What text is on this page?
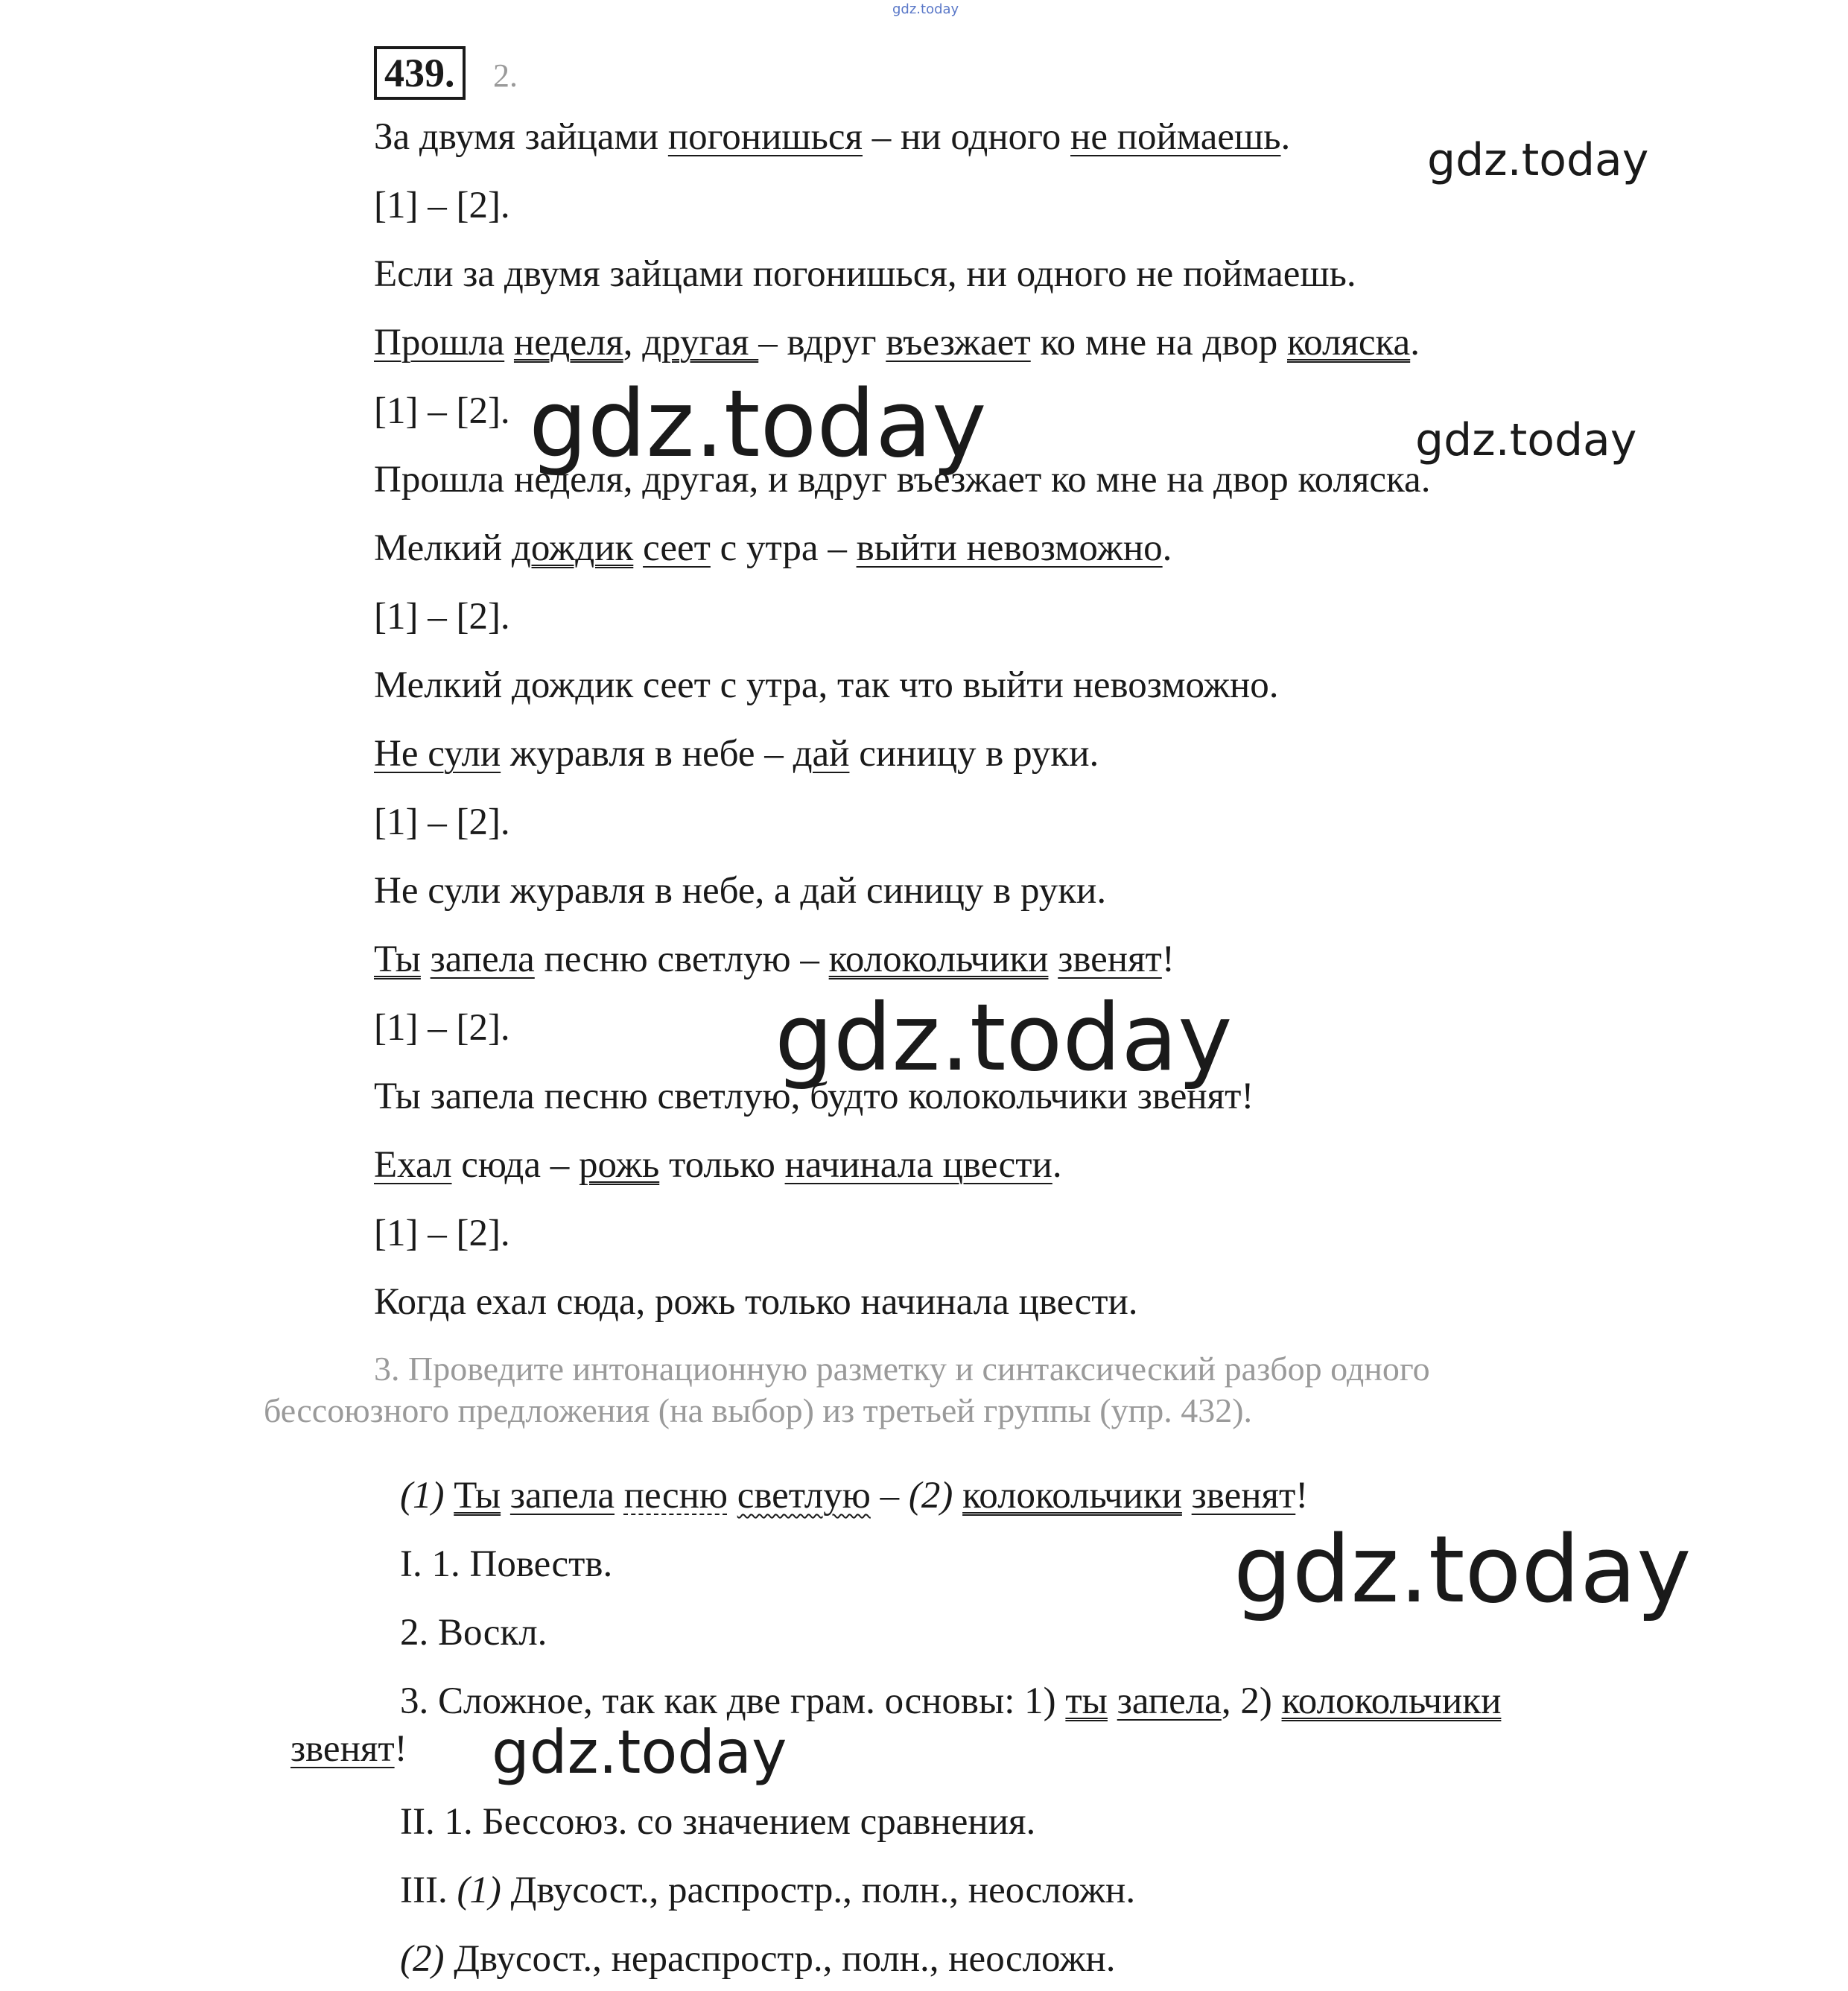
gdz.today
439.	2.
За двумя зайцами погонишься – ни одного не поймаешь.
[1] – [2].
Если за двумя зайцами погонишься, ни одного не поймаешь.
Прошла неделя, другая – вдруг въезжает ко мне на двор коляска.
[1] – [2].
Прошла неделя, другая, и вдруг въезжает ко мне на двор коляска.
Мелкий дождик сеет с утра – выйти невозможно.
[1] – [2].
Мелкий дождик сеет с утра, так что выйти невозможно.
Не сули журавля в небе – дай синицу в руки.
[1] – [2].
Не сули журавля в небе, а дай синицу в руки.
Ты запела песню светлую – колокольчики звенят!
[1] – [2].
Ты запела песню светлую, будто колокольчики звенят!
Ехал сюда – рожь только начинала цвести.
[1] – [2].
Когда ехал сюда, рожь только начинала цвести.
3. Проведите интонационную разметку и синтаксический разбор одного
бессоюзного предложения (на выбор) из третьей группы (упр. 432).
(1) Ты запела песню светлую – (2) колокольчики звенят!
I. 1. Повеств.
2. Воскл.
3. Сложное, так как две грам. основы: 1) ты запела, 2) колокольчики
звенят!
II. 1. Бессоюз. со значением сравнения.
III. (1) Двусост., распростр., полн., неосложн.
(2) Двусост., нераспростр., полн., неосложн.
gdz.today
gdz.today	gdz.today
gdz.today
gdz.today
gdz.today
